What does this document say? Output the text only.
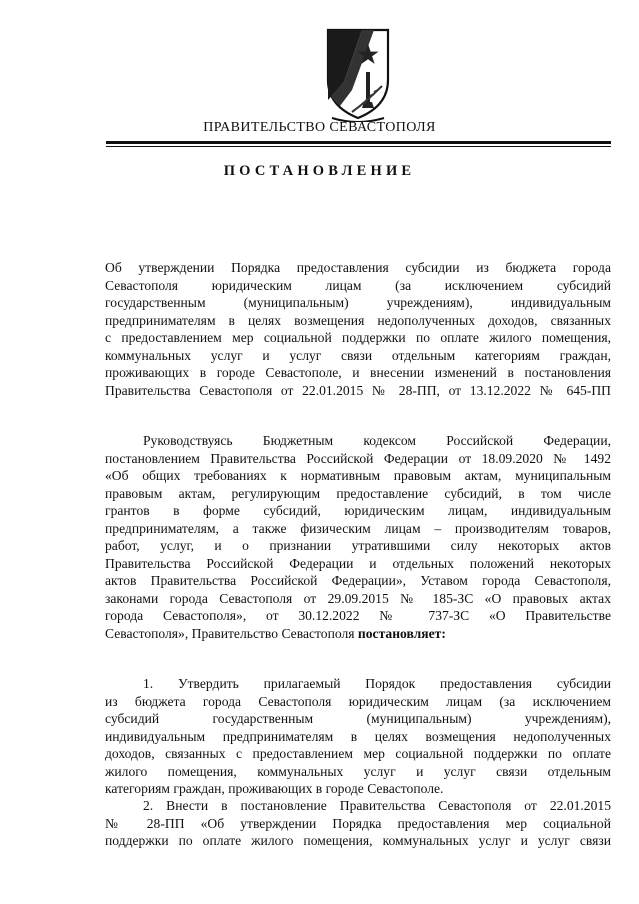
ПРАВИТЕЛЬСТВО СЕВАСТОПОЛЯ
ПОСТАНОВЛЕНИЕ
Об утверждении Порядка предоставления субсидии из бюджета города
Севастополя юридическим лицам (за исключением субсидий
государственным (муниципальным) учреждениям), индивидуальным
предпринимателям в целях возмещения недополученных доходов, связанных
с предоставлением мер социальной поддержки по оплате жилого помещения,
коммунальных услуг и услуг связи отдельным категориям граждан,
проживающих в городе Севастополе, и внесении изменений в постановления
Правительства Севастополя от 22.01.2015 № 28-ПП, от 13.12.2022 № 645-ПП
Руководствуясь Бюджетным кодексом Российской Федерации,
постановлением Правительства Российской Федерации от 18.09.2020 № 1492
«Об общих требованиях к нормативным правовым актам, муниципальным
правовым актам, регулирующим предоставление субсидий, в том числе
грантов в форме субсидий, юридическим лицам, индивидуальным
предпринимателям, а также физическим лицам – производителям товаров,
работ, услуг, и о признании утратившими силу некоторых актов
Правительства Российской Федерации и отдельных положений некоторых
актов Правительства Российской Федерации», Уставом города Севастополя,
законами города Севастополя от 29.09.2015 № 185-ЗС «О правовых актах
города Севастополя», от 30.12.2022 № 737-ЗС «О Правительстве
Севастополя», Правительство Севастополя постановляет:
1. Утвердить прилагаемый Порядок предоставления субсидии
из бюджета города Севастополя юридическим лицам (за исключением
субсидий государственным (муниципальным) учреждениям),
индивидуальным предпринимателям в целях возмещения недополученных
доходов, связанных с предоставлением мер социальной поддержки по оплате
жилого помещения, коммунальных услуг и услуг связи отдельным
категориям граждан, проживающих в городе Севастополе.
2. Внести в постановление Правительства Севастополя от 22.01.2015
№ 28-ПП «Об утверждении Порядка предоставления мер социальной
поддержки по оплате жилого помещения, коммунальных услуг и услуг связи
